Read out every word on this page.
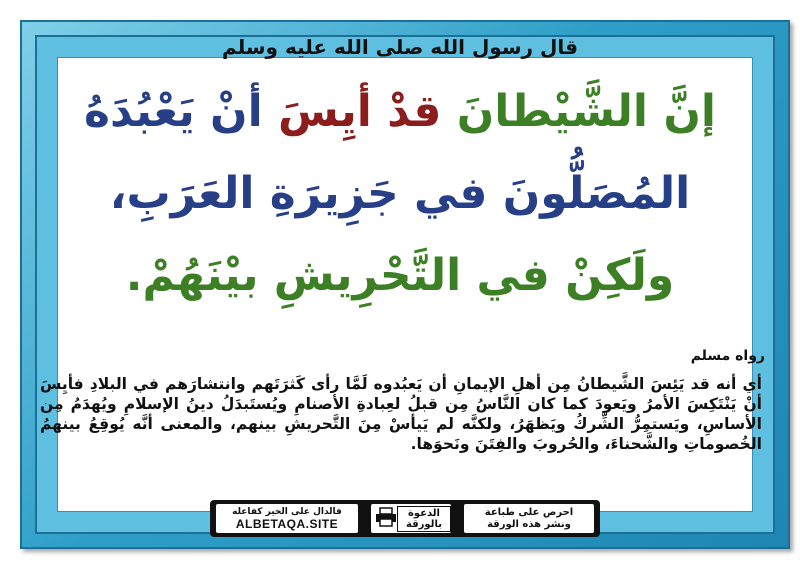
قال رسول الله صلى الله عليه وسلم
إنَّ الشَّيْطانَ قدْ أيِسَ أنْ يَعْبُدَهُ
المُصَلُّونَ في جَزِيرَةِ العَرَبِ،
ولَكِنْ في التَّحْرِيشِ بيْنَهُمْ.
رواه مسلم
أي أنه قد يَئِسَ الشَّيطانُ مِن أهلِ الإيمانِ أن يَعبُدوه لَمَّا رأى كَثرَتَهم وانتشارَهم في البلادِ فأيِسَ أنْ يَنْتَكِسَ الأمرُ ويَعودَ كما كان النَّاسُ مِن قبلُ لعِبادةِ الأصنامِ ويُستَبدَلُ دينُ الإسلامِ ويُهدَمُ مِن الأساسِ، ويَستمِرُّ الشِّركُ ويَظهَرُ، ولكنَّه لم يَيأسْ مِنَ التَّحريشِ بينهم، والمعنى أنَّه يُوقِعُ بينهمُ الخُصوماتِ والشَّحناءَ، والحُروبَ والفِتَنَ ونَحوَها.
فالدال على الخير كفاعله
ALBETAQA.SITE
الدعوة بالورقة
احرص على طباعة
ونشر هذه الورقة
